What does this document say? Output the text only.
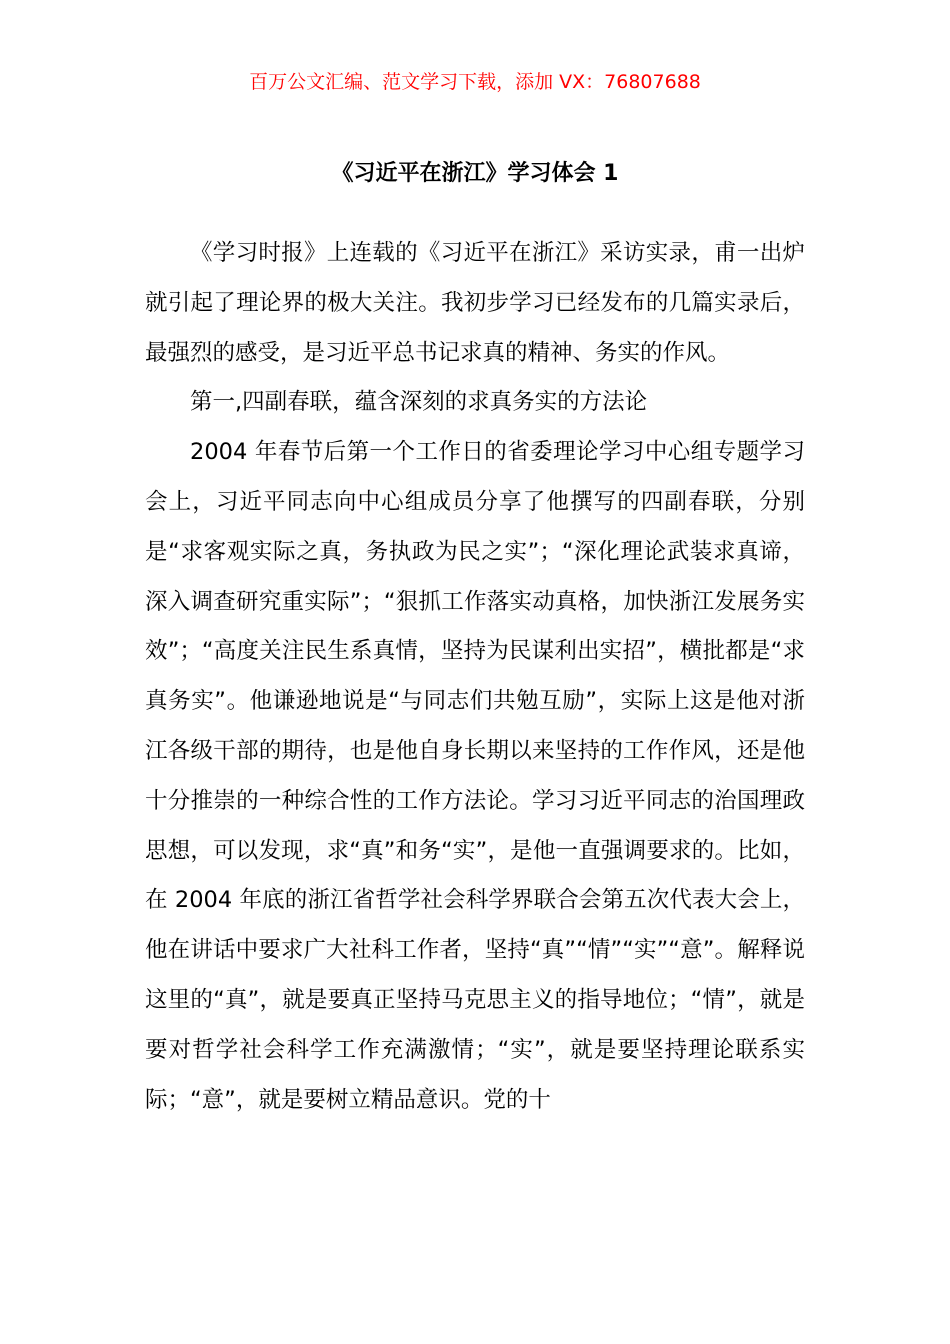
百万公文汇编、范文学习下载，添加 VX：76807688
《习近平在浙江》学习体会 1

《学习时报》上连载的《习近平在浙江》采访实录，甫一出炉就引起了理论界的极大关注。我初步学习已经发布的几篇实录后，最强烈的感受，是习近平总书记求真的精神、务实的作风。

第一,四副春联，蕴含深刻的求真务实的方法论

2004 年春节后第一个工作日的省委理论学习中心组专题学习会上，习近平同志向中心组成员分享了他撰写的四副春联，分别是“求客观实际之真，务执政为民之实”；“深化理论武装求真谛，深入调查研究重实际”；“狠抓工作落实动真格，加快浙江发展务实效”；“高度关注民生系真情，坚持为民谋利出实招”，横批都是“求真务实”。他谦逊地说是“与同志们共勉互励”，实际上这是他对浙江各级干部的期待，也是他自身长期以来坚持的工作作风，还是他十分推崇的一种综合性的工作方法论。学习习近平同志的治国理政思想，可以发现，求“真”和务“实”，是他一直强调要求的。比如，在 2004 年底的浙江省哲学社会科学界联合会第五次代表大会上，他在讲话中要求广大社科工作者，坚持“真”“情”“实”“意”。解释说这里的“真”，就是要真正坚持马克思主义的指导地位；“情”，就是要对哲学社会科学工作充满激情；“实”，就是要坚持理论联系实际；“意”，就是要树立精品意识。党的十
